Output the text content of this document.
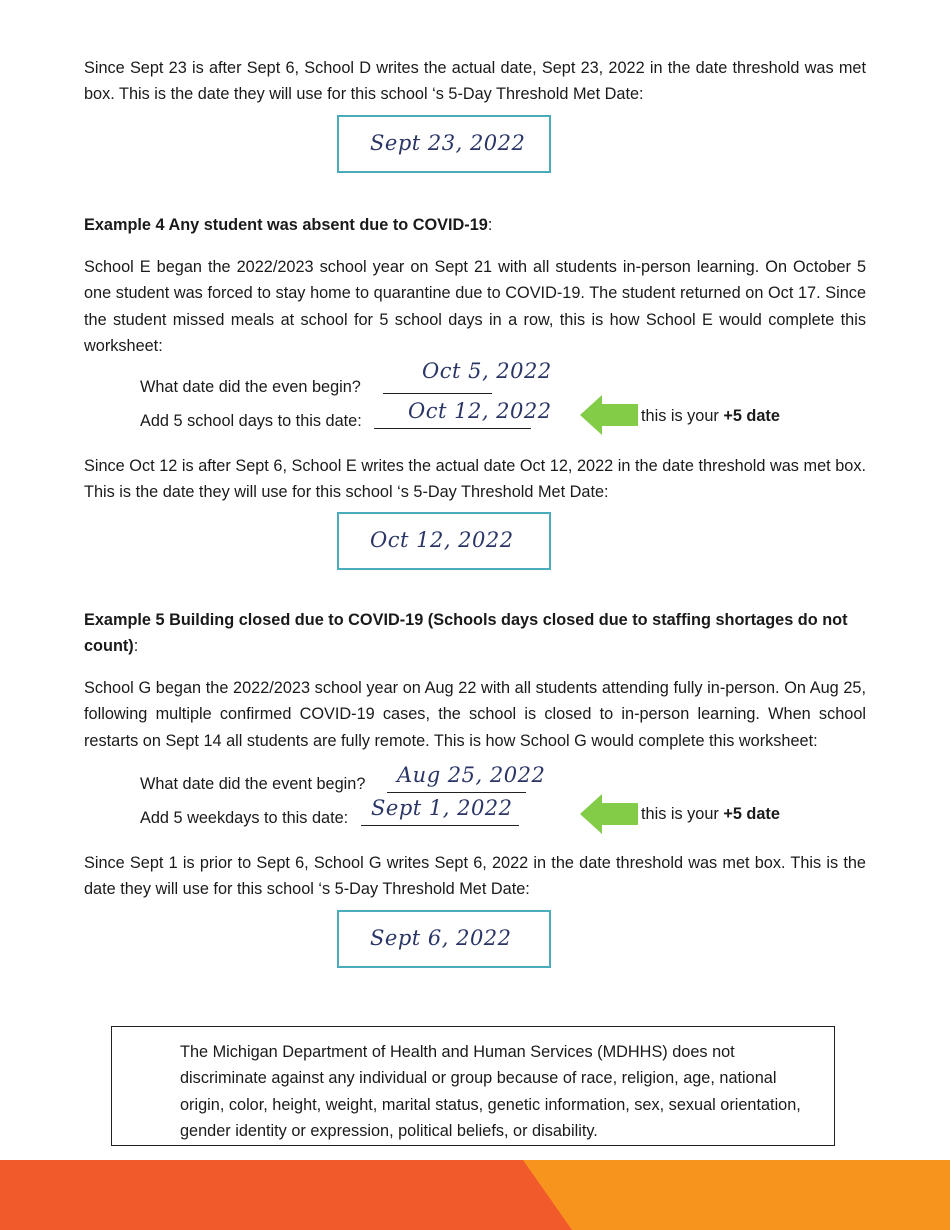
Since Sept 23 is after Sept 6, School D writes the actual date, Sept 23, 2022 in the date threshold was met box. This is the date they will use for this school ‘s 5-Day Threshold Met Date:

Sept 23, 2022

Example 4 Any student was absent due to COVID-19:

School E began the 2022/2023 school year on Sept 21 with all students in-person learning. On October 5 one student was forced to stay home to quarantine due to COVID-19. The student returned on Oct 17. Since the student missed meals at school for 5 school days in a row, this is how School E would complete this worksheet:

What date did the even begin?
Oct 5, 2022
Add 5 school days to this date: Oct 12, 2022	this is your +5 date

Since Oct 12 is after Sept 6, School E writes the actual date Oct 12, 2022 in the date threshold was met box. This is the date they will use for this school ‘s 5-Day Threshold Met Date:

Oct 12, 2022

Example 5 Building closed due to COVID-19 (Schools days closed due to staffing shortages do not count):

School G began the 2022/2023 school year on Aug 22 with all students attending fully in-person. On Aug 25, following multiple confirmed COVID-19 cases, the school is closed to in-person learning. When school restarts on Sept 14 all students are fully remote. This is how School G would complete this worksheet:

What date did the event begin? Aug 25, 2022
Add 5 weekdays to this date: Sept 1, 2022	this is your +5 date

Since Sept 1 is prior to Sept 6, School G writes Sept 6, 2022 in the date threshold was met box. This is the date they will use for this school ‘s 5-Day Threshold Met Date:

Sept 6, 2022

The Michigan Department of Health and Human Services (MDHHS) does not discriminate against any individual or group because of race, religion, age, national origin, color, height, weight, marital status, genetic information, sex, sexual orientation, gender identity or expression, political beliefs, or disability.
